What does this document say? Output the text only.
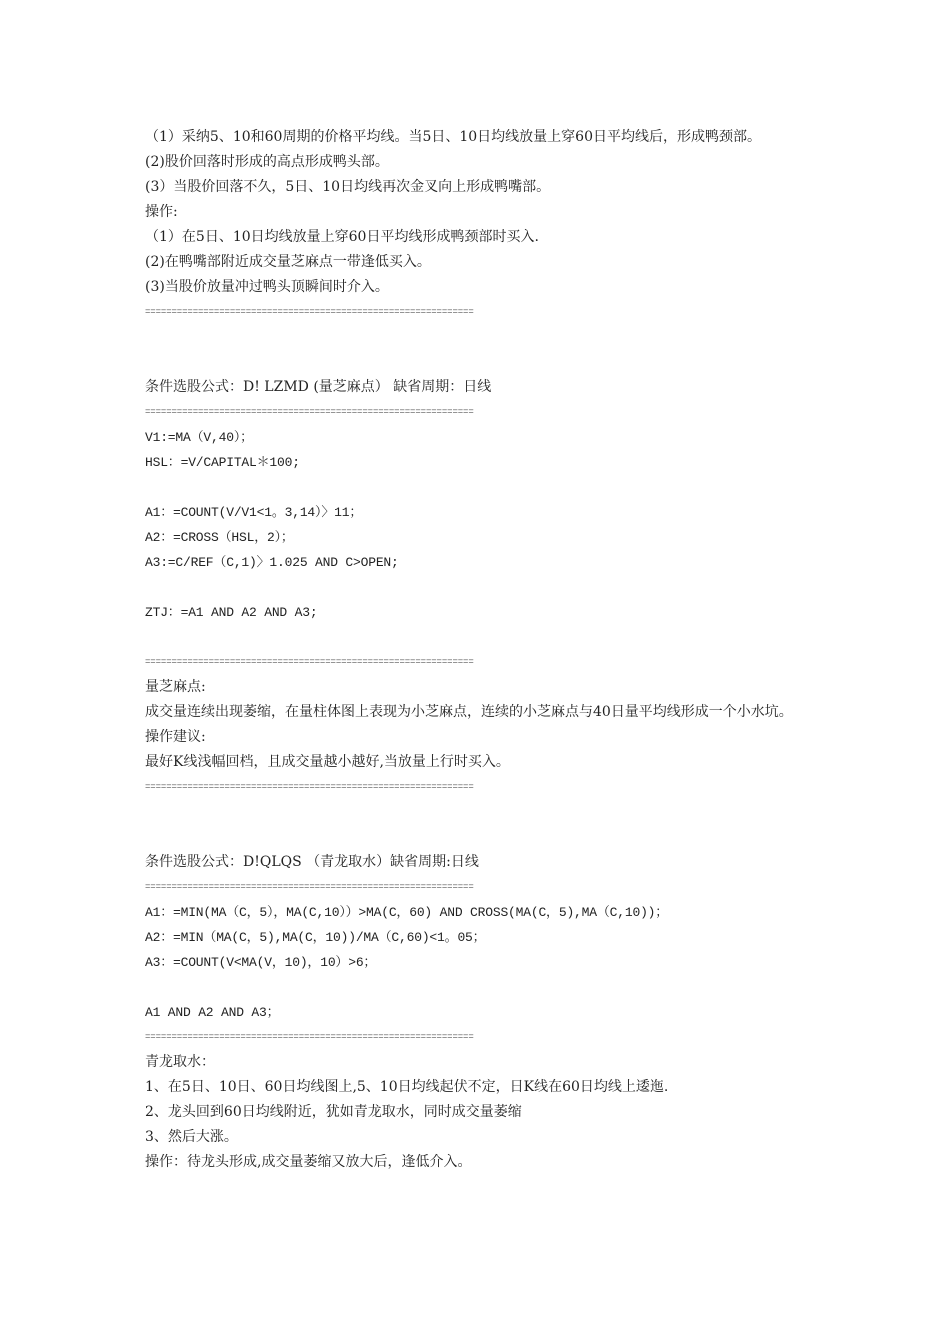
（1）采纳5、10和60周期的价格平均线。当5日、10日均线放量上穿60日平均线后，形成鸭颈部。
(2)股价回落时形成的高点形成鸭头部。
(3）当股价回落不久，5日、10日均线再次金叉向上形成鸭嘴部。
操作:
（1）在5日、10日均线放量上穿60日平均线形成鸭颈部时买入.
(2)在鸭嘴部附近成交量芝麻点一带逢低买入。
(3)当股价放量冲过鸭头顶瞬间时介入。
==============================================================
条件选股公式：D! LZMD (量芝麻点） 缺省周期：日线
==============================================================
V1:=MA（V,40）；
HSL：=V/CAPITAL＊100;
A1：=COUNT(V/V1<1。3,14）〉11；
A2：=CROSS（HSL，2）；
A3:=C/REF（C,1)〉1.025 AND C>OPEN;
ZTJ：=A1 AND A2 AND A3;
==============================================================
量芝麻点:
成交量连续出现萎缩，在量柱体图上表现为小芝麻点，连续的小芝麻点与40日量平均线形成一个小水坑。
操作建议:
最好K线浅幅回档，且成交量越小越好,当放量上行时买入。
==============================================================
条件选股公式：D!QLQS （青龙取水）缺省周期:日线
==============================================================
A1：=MIN(MA（C，5），MA(C,10））>MA(C，60) AND CROSS(MA(C，5),MA（C,10))；
A2：=MIN（MA(C，5),MA(C，10))/MA（C,60)<1。05；
A3：=COUNT(V<MA(V，10)，10）>6；
A1 AND A2 AND A3；
==============================================================
青龙取水：
1、在5日、10日、60日均线图上,5、10日均线起伏不定，日K线在60日均线上逶迤.
2、龙头回到60日均线附近，犹如青龙取水，同时成交量萎缩
3、然后大涨。
操作：待龙头形成,成交量萎缩又放大后，逢低介入。
